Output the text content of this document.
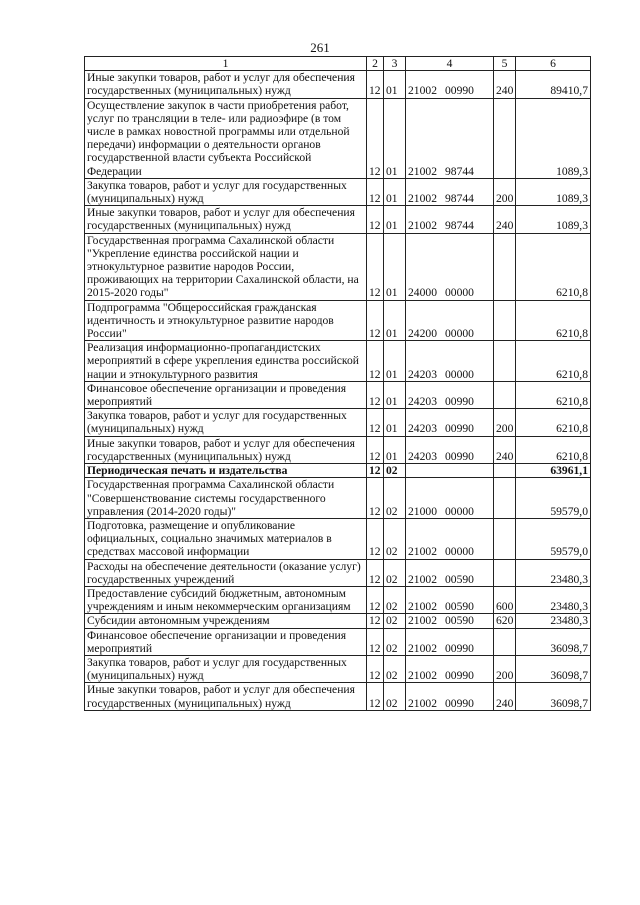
261
1	2	3	4	5	6
Иные закупки товаров, работ и услуг для обеспечения государственных (муниципальных) нужд	12	01	21002 00990	240	89410,7
Осуществление закупок в части приобретения работ, услуг по трансляции в теле- или радиоэфире (в том числе в рамках новостной программы или отдельной передачи) информации о деятельности органов государственной власти субъекта Российской Федерации	12	01	21002 98744		1089,3
Закупка товаров, работ и услуг для государственных (муниципальных) нужд	12	01	21002 98744	200	1089,3
Иные закупки товаров, работ и услуг для обеспечения государственных (муниципальных) нужд	12	01	21002 98744	240	1089,3
Государственная программа Сахалинской области "Укрепление единства российской нации и этнокультурное развитие народов России, проживающих на территории Сахалинской области, на 2015-2020 годы"	12	01	24000 00000		6210,8
Подпрограмма "Общероссийская гражданская идентичность и этнокультурное развитие народов России"	12	01	24200 00000		6210,8
Реализация информационно-пропагандистских мероприятий в сфере укрепления единства российской нации и этнокультурного развития	12	01	24203 00000		6210,8
Финансовое обеспечение организации и проведения мероприятий	12	01	24203 00990		6210,8
Закупка товаров, работ и услуг для государственных (муниципальных) нужд	12	01	24203 00990	200	6210,8
Иные закупки товаров, работ и услуг для обеспечения государственных (муниципальных) нужд	12	01	24203 00990	240	6210,8
Периодическая печать и издательства	12	02			63961,1
Государственная программа Сахалинской области "Совершенствование системы государственного управления (2014-2020 годы)"	12	02	21000 00000		59579,0
Подготовка, размещение и опубликование официальных, социально значимых материалов в средствах массовой информации	12	02	21002 00000		59579,0
Расходы на обеспечение деятельности (оказание услуг) государственных учреждений	12	02	21002 00590		23480,3
Предоставление субсидий бюджетным, автономным учреждениям и иным некоммерческим организациям	12	02	21002 00590	600	23480,3
Субсидии автономным учреждениям	12	02	21002 00590	620	23480,3
Финансовое обеспечение организации и проведения мероприятий	12	02	21002 00990		36098,7
Закупка товаров, работ и услуг для государственных (муниципальных) нужд	12	02	21002 00990	200	36098,7
Иные закупки товаров, работ и услуг для обеспечения государственных (муниципальных) нужд	12	02	21002 00990	240	36098,7
